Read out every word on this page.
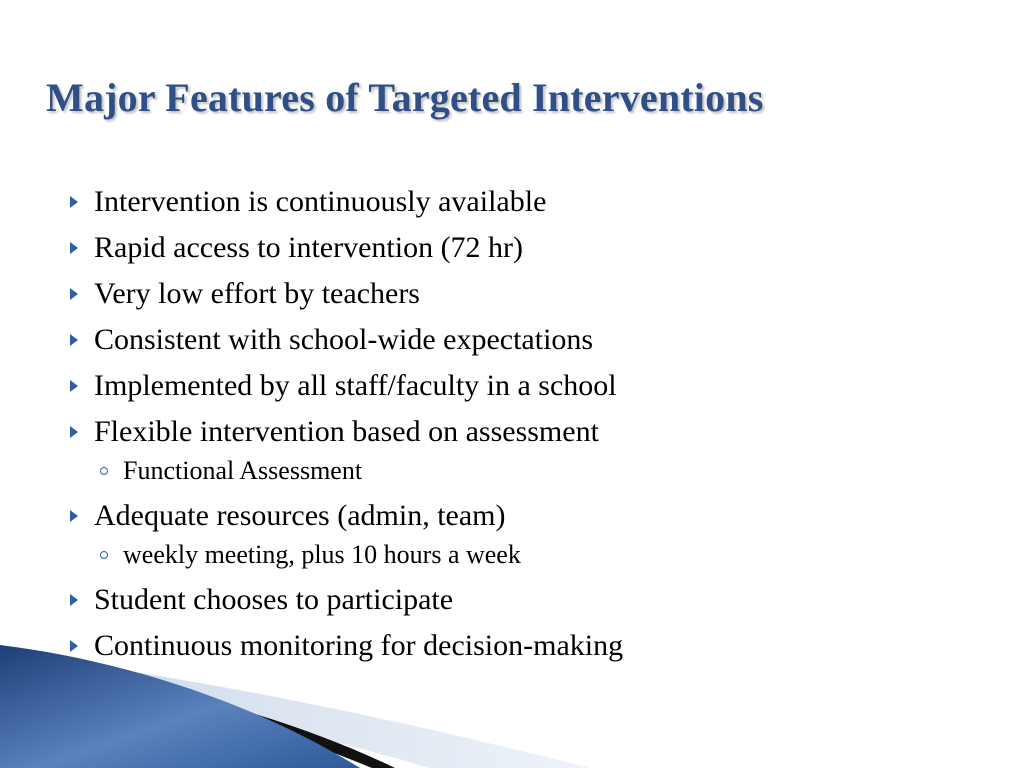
Major Features of Targeted Interventions
Intervention is continuously available
Rapid access to intervention (72 hr)
Very low effort by teachers
Consistent with school-wide expectations
Implemented by all staff/faculty in a school
Flexible intervention based on assessment
Functional Assessment
Adequate resources (admin, team)
weekly meeting, plus 10 hours a week
Student chooses to participate
Continuous monitoring for decision-making
